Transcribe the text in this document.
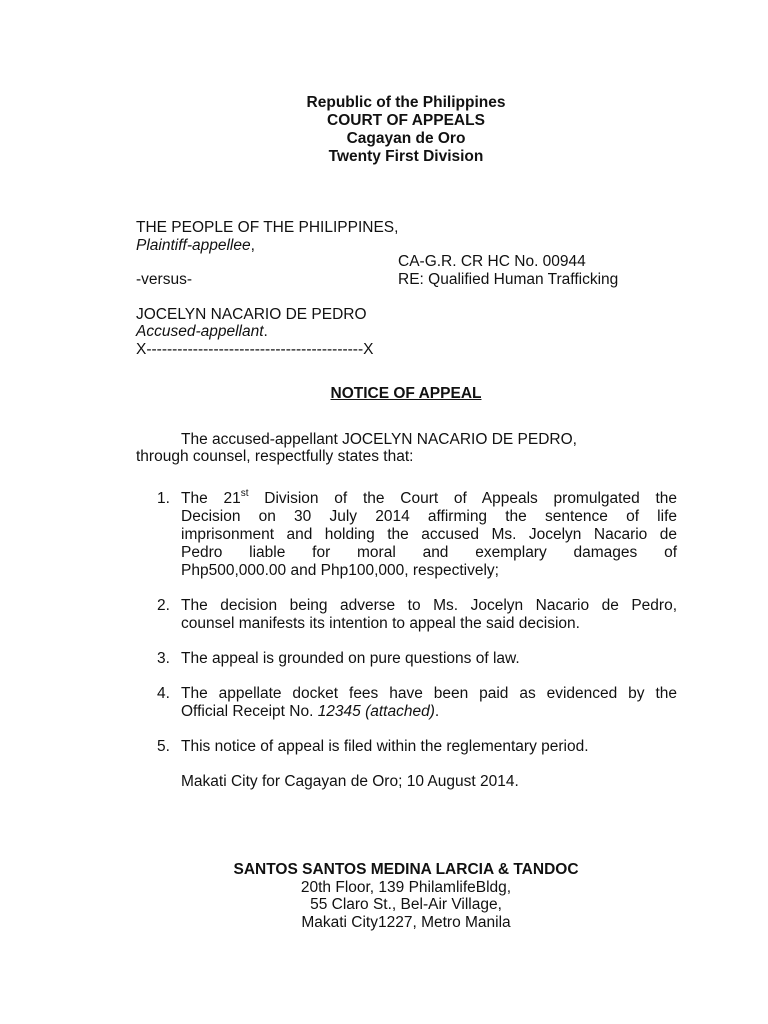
Republic of the Philippines
COURT OF APPEALS
Cagayan de Oro
Twenty First Division
THE PEOPLE OF THE PHILIPPINES,
Plaintiff-appellee,
CA-G.R. CR HC No. 00944
-versus-	RE: Qualified Human Trafficking
JOCELYN NACARIO DE PEDRO
Accused-appellant.
X------------------------------------------X
NOTICE OF APPEAL
The accused-appellant JOCELYN NACARIO DE PEDRO,
through counsel, respectfully states that:
1. The 21st Division of the Court of Appeals promulgated the
Decision on 30 July 2014 affirming the sentence of life
imprisonment and holding the accused Ms. Jocelyn Nacario de
Pedro liable for moral and exemplary damages of
Php500,000.00 and Php100,000, respectively;
2. The decision being adverse to Ms. Jocelyn Nacario de Pedro,
counsel manifests its intention to appeal the said decision.
3. The appeal is grounded on pure questions of law.
4. The appellate docket fees have been paid as evidenced by the
Official Receipt No. 12345 (attached).
5. This notice of appeal is filed within the reglementary period.
Makati City for Cagayan de Oro; 10 August 2014.
SANTOS SANTOS MEDINA LARCIA & TANDOC
20th Floor, 139 PhilamlifeBldg,
55 Claro St., Bel-Air Village,
Makati City1227, Metro Manila
